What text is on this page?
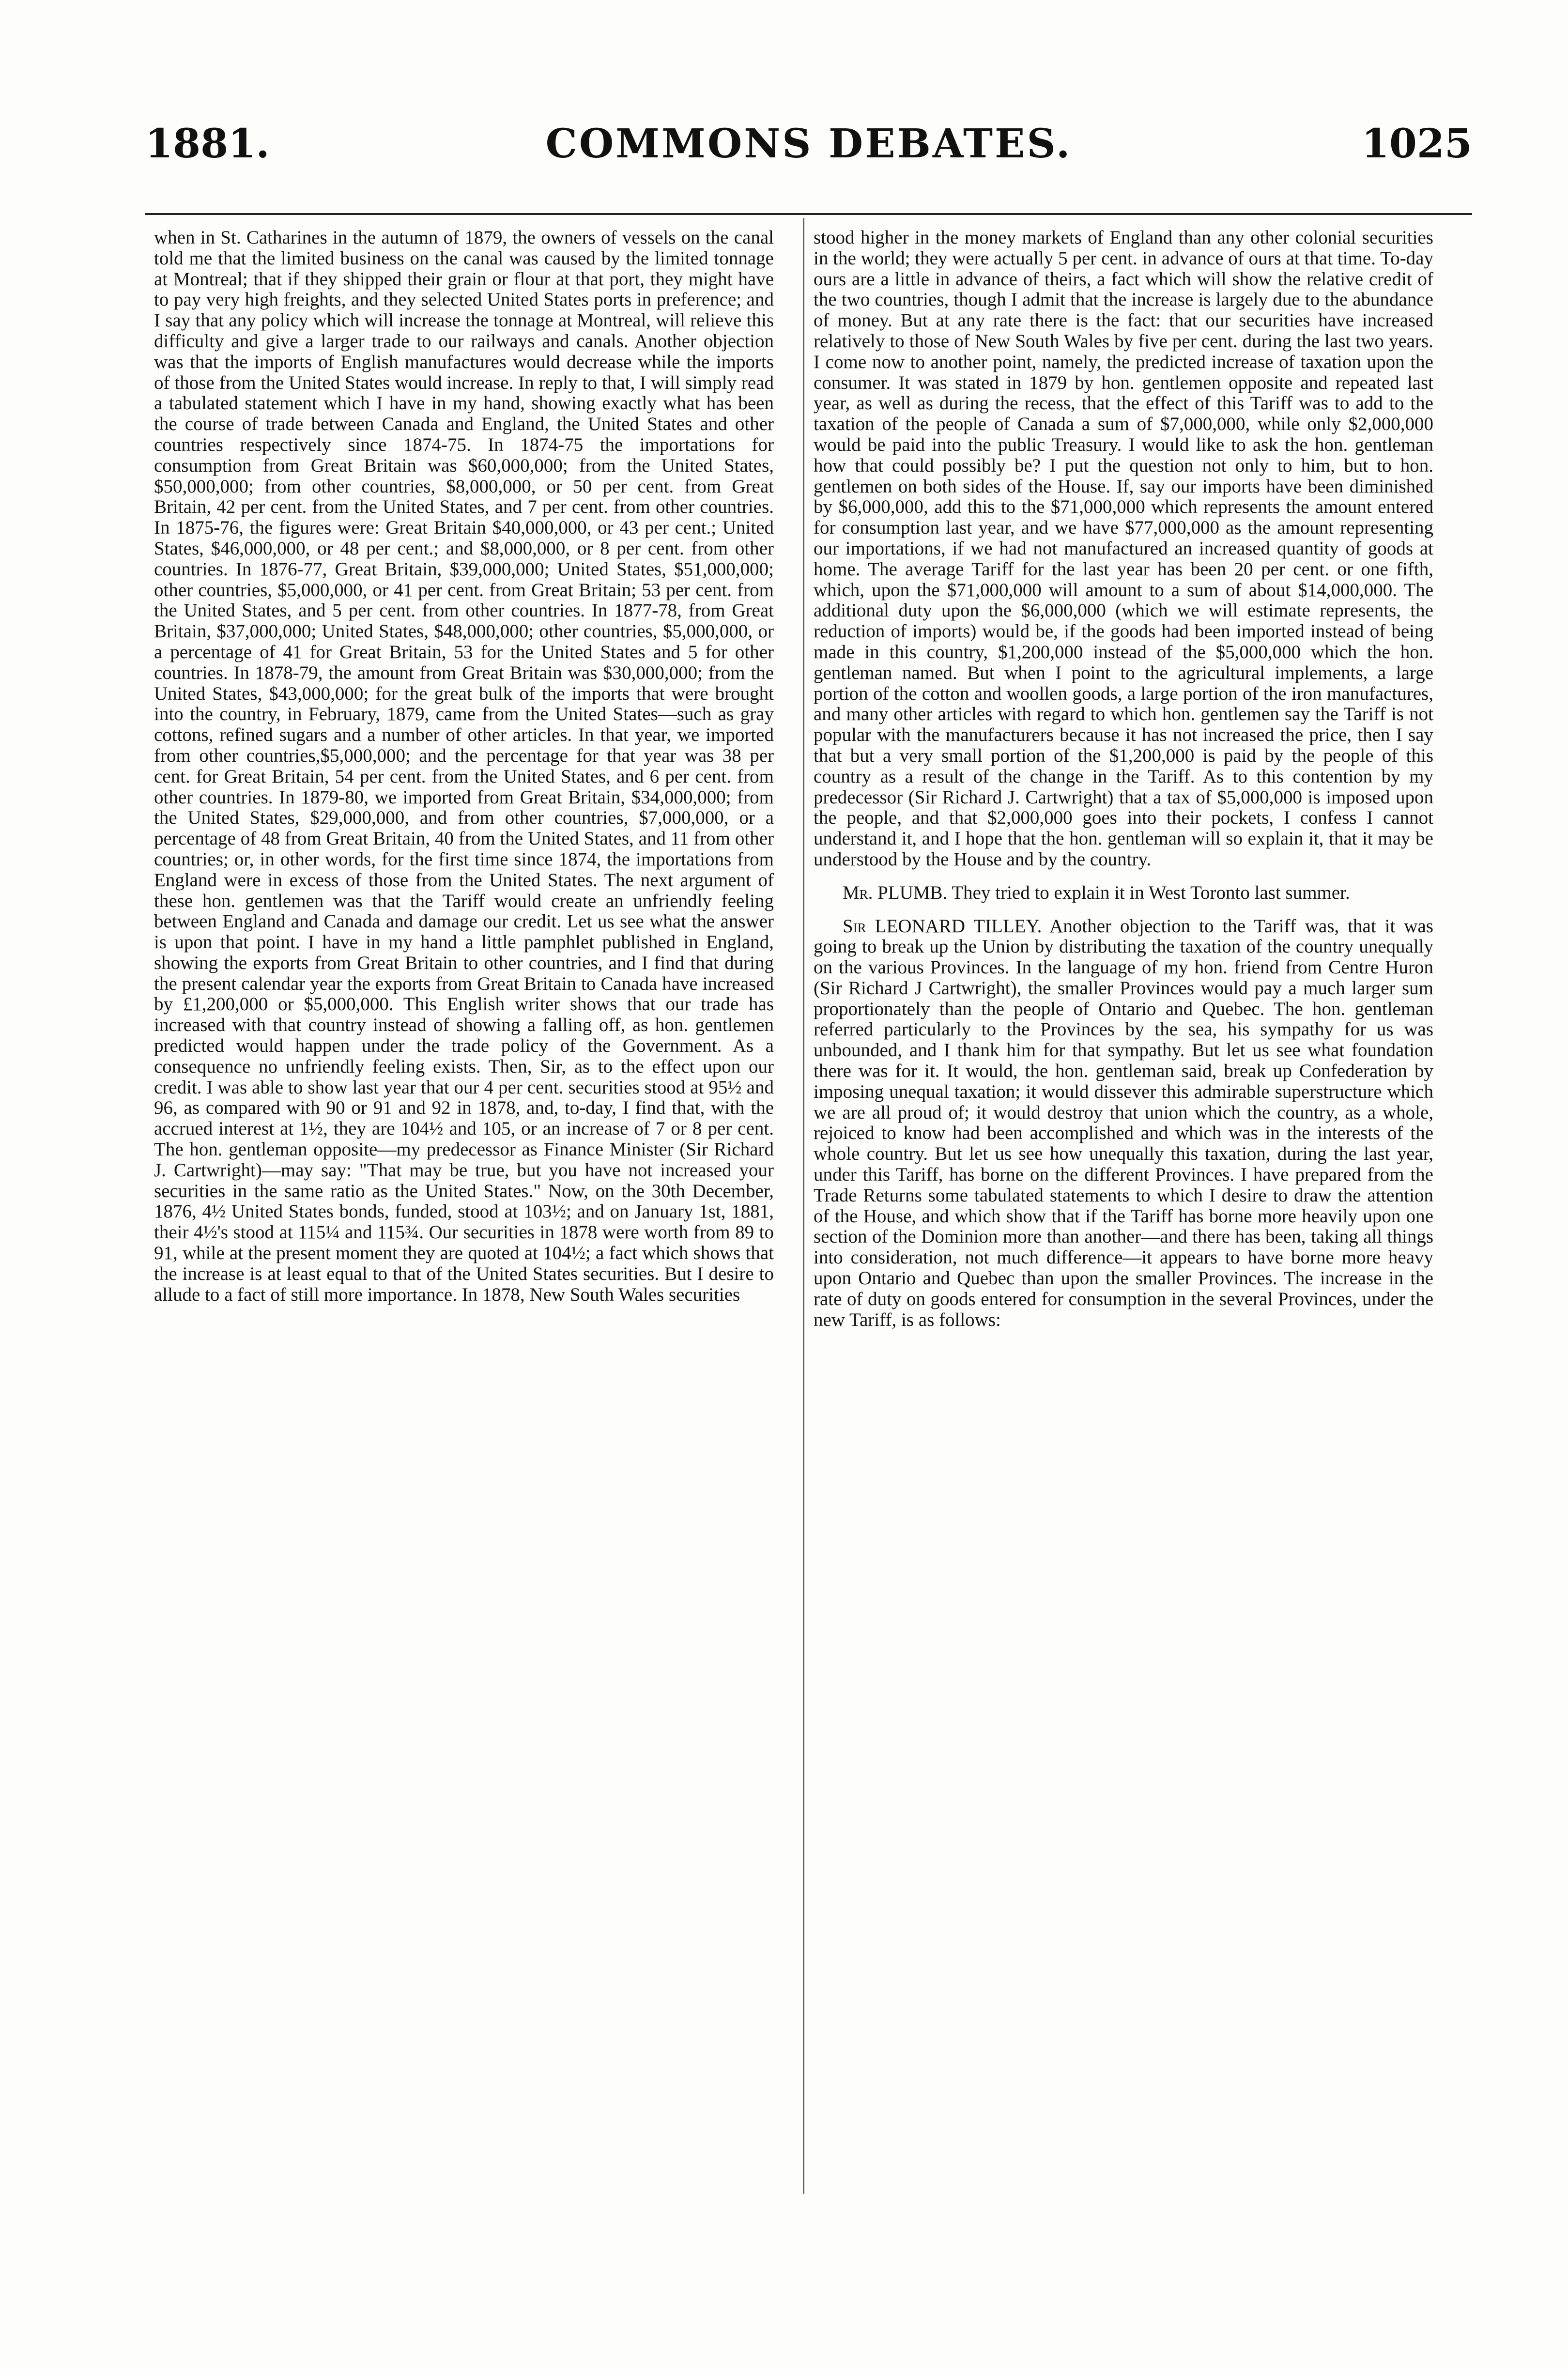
1881.	COMMONS DEBATES.	1025

when in St. Catharines in the autumn of 1879, the owners of vessels on the canal told me that the limited business on the canal was caused by the limited tonnage at Montreal; that if they shipped their grain or flour at that port, they might have to pay very high freights, and they selected United States ports in preference; and I say that any policy which will increase the tonnage at Montreal, will relieve this difficulty and give a larger trade to our railways and canals. Another objection was that the imports of English manufactures would decrease while the imports of those from the United States would increase. In reply to that, I will simply read a tabulated statement which I have in my hand, showing exactly what has been the course of trade between Canada and England, the United States and other countries respectively since 1874-75. In 1874-75 the importations for consumption from Great Britain was $60,000,000; from the United States, $50,000,000; from other countries, $8,000,000, or 50 per cent. from Great Britain, 42 per cent. from the United States, and 7 per cent. from other countries. In 1875-76, the figures were: Great Britain $40,000,000, or 43 per cent.; United States, $46,000,000, or 48 per cent.; and $8,000,000, or 8 per cent. from other countries. In 1876-77, Great Britain, $39,000,000; United States, $51,000,000; other countries, $5,000,000, or 41 per cent. from Great Britain; 53 per cent. from the United States, and 5 per cent. from other countries. In 1877-78, from Great Britain, $37,000,000; United States, $48,000,000; other countries, $5,000,000, or a percentage of 41 for Great Britain, 53 for the United States and 5 for other countries. In 1878-79, the amount from Great Britain was $30,000,000; from the United States, $43,000,000; for the great bulk of the imports that were brought into the country, in February, 1879, came from the United States—such as gray cottons, refined sugars and a number of other articles. In that year, we imported from other countries,$5,000,000; and the percentage for that year was 38 per cent. for Great Britain, 54 per cent. from the United States, and 6 per cent. from other countries. In 1879-80, we imported from Great Britain, $34,000,000; from the United States, $29,000,000, and from other countries, $7,000,000, or a percentage of 48 from Great Britain, 40 from the United States, and 11 from other countries; or, in other words, for the first time since 1874, the importations from England were in excess of those from the United States. The next argument of these hon. gentlemen was that the Tariff would create an unfriendly feeling between England and Canada and damage our credit. Let us see what the answer is upon that point. I have in my hand a little pamphlet published in England, showing the exports from Great Britain to other countries, and I find that during the present calendar year the exports from Great Britain to Canada have increased by £1,200,000 or $5,000,000. This English writer shows that our trade has increased with that country instead of showing a falling off, as hon. gentlemen predicted would happen under the trade policy of the Government. As a consequence no unfriendly feeling exists. Then, Sir, as to the effect upon our credit. I was able to show last year that our 4 per cent. securities stood at 95½ and 96, as compared with 90 or 91 and 92 in 1878, and, to-day, I find that, with the accrued interest at 1½, they are 104½ and 105, or an increase of 7 or 8 per cent. The hon. gentleman opposite—my predecessor as Finance Minister (Sir Richard J. Cartwright)—may say: "That may be true, but you have not increased your securities in the same ratio as the United States." Now, on the 30th December, 1876, 4½ United States bonds, funded, stood at 103½; and on January 1st, 1881, their 4½'s stood at 115¼ and 115¾. Our securities in 1878 were worth from 89 to 91, while at the present moment they are quoted at 104½; a fact which shows that the increase is at least equal to that of the United States securities. But I desire to allude to a fact of still more importance. In 1878, New South Wales securities

stood higher in the money markets of England than any other colonial securities in the world; they were actually 5 per cent. in advance of ours at that time. To-day ours are a little in advance of theirs, a fact which will show the relative credit of the two countries, though I admit that the increase is largely due to the abundance of money. But at any rate there is the fact: that our securities have increased relatively to those of New South Wales by five per cent. during the last two years. I come now to another point, namely, the predicted increase of taxation upon the consumer. It was stated in 1879 by hon. gentlemen opposite and repeated last year, as well as during the recess, that the effect of this Tariff was to add to the taxation of the people of Canada a sum of $7,000,000, while only $2,000,000 would be paid into the public Treasury. I would like to ask the hon. gentleman how that could possibly be? I put the question not only to him, but to hon. gentlemen on both sides of the House. If, say our imports have been diminished by $6,000,000, add this to the $71,000,000 which represents the amount entered for consumption last year, and we have $77,000,000 as the amount representing our importations, if we had not manufactured an increased quantity of goods at home. The average Tariff for the last year has been 20 per cent. or one fifth, which, upon the $71,000,000 will amount to a sum of about $14,000,000. The additional duty upon the $6,000,000 (which we will estimate represents, the reduction of imports) would be, if the goods had been imported instead of being made in this country, $1,200,000 instead of the $5,000,000 which the hon. gentleman named. But when I point to the agricultural implements, a large portion of the cotton and woollen goods, a large portion of the iron manufactures, and many other articles with regard to which hon. gentlemen say the Tariff is not popular with the manufacturers because it has not increased the price, then I say that but a very small portion of the $1,200,000 is paid by the people of this country as a result of the change in the Tariff. As to this contention by my predecessor (Sir Richard J. Cartwright) that a tax of $5,000,000 is imposed upon the people, and that $2,000,000 goes into their pockets, I confess I cannot understand it, and I hope that the hon. gentleman will so explain it, that it may be understood by the House and by the country.

Mr. PLUMB. They tried to explain it in West Toronto last summer.

Sir LEONARD TILLEY. Another objection to the Tariff was, that it was going to break up the Union by distributing the taxation of the country unequally on the various Provinces. In the language of my hon. friend from Centre Huron (Sir Richard J Cartwright), the smaller Provinces would pay a much larger sum proportionately than the people of Ontario and Quebec. The hon. gentleman referred particularly to the Provinces by the sea, his sympathy for us was unbounded, and I thank him for that sympathy. But let us see what foundation there was for it. It would, the hon. gentleman said, break up Confederation by imposing unequal taxation; it would dissever this admirable superstructure which we are all proud of; it would destroy that union which the country, as a whole, rejoiced to know had been accomplished and which was in the interests of the whole country. But let us see how unequally this taxation, during the last year, under this Tariff, has borne on the different Provinces. I have prepared from the Trade Returns some tabulated statements to which I desire to draw the attention of the House, and which show that if the Tariff has borne more heavily upon one section of the Dominion more than another—and there has been, taking all things into consideration, not much difference—it appears to have borne more heavy upon Ontario and Quebec than upon the smaller Provinces. The increase in the rate of duty on goods entered for consumption in the several Provinces, under the new Tariff, is as follows:
